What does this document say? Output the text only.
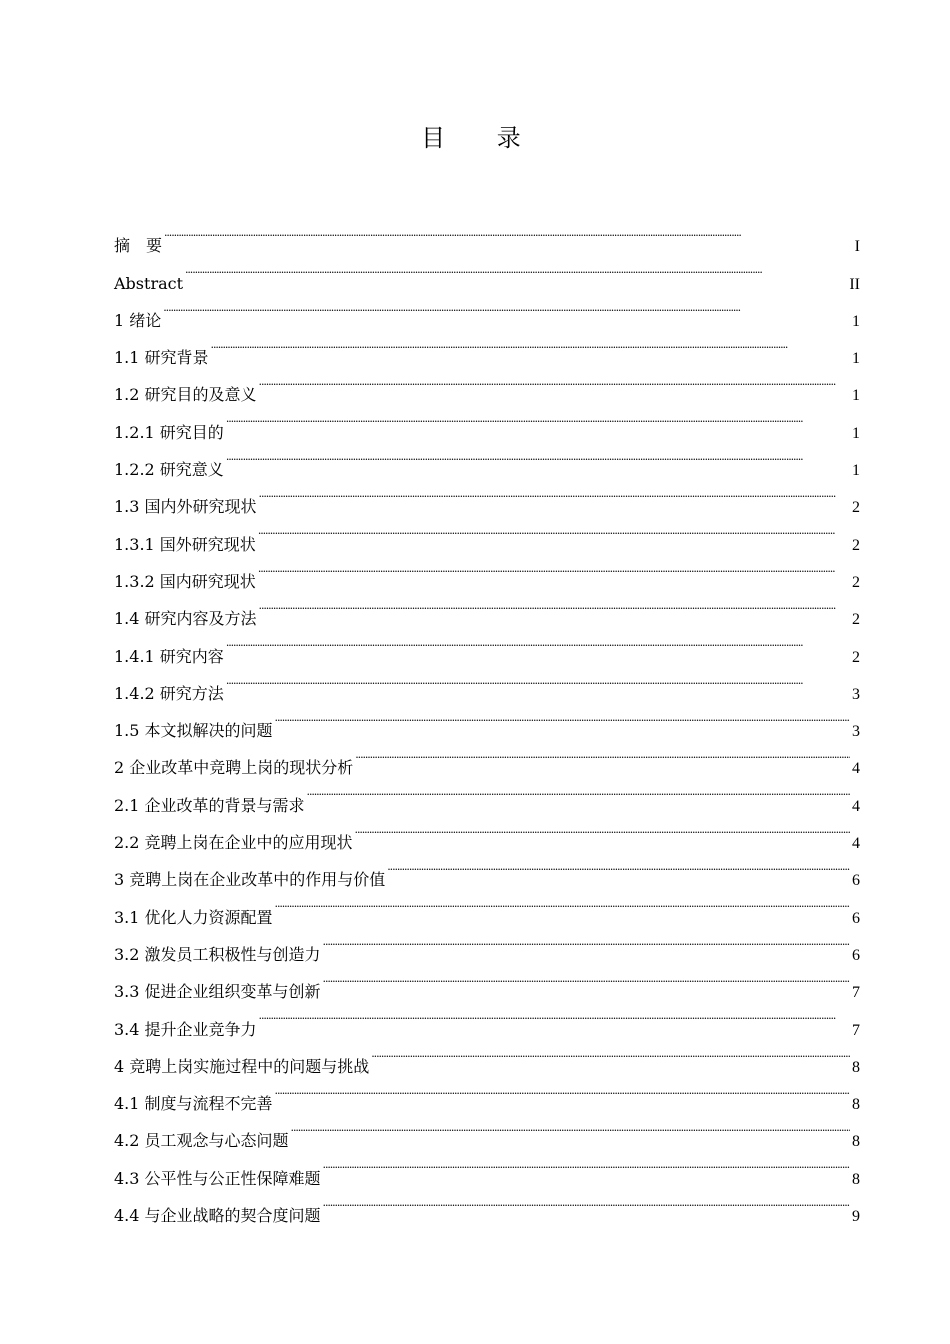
目 录
摘　要 . . .	I
Abstract . . .	II
1 绪论 . . .	1
1.1 研究背景 . . .	1
1.2 研究目的及意义 . . .	1
1.2.1 研究目的 . . .	1
1.2.2 研究意义 . . .	1
1.3 国内外研究现状 . . .	2
1.3.1 国外研究现状 . . .	2
1.3.2 国内研究现状 . . .	2
1.4 研究内容及方法 . . .	2
1.4.1 研究内容 . . .	2
1.4.2 研究方法 . . .	3
1.5 本文拟解决的问题 . . .	3
2 企业改革中竞聘上岗的现状分析 . . .	4
2.1 企业改革的背景与需求 . . .	4
2.2 竞聘上岗在企业中的应用现状 . . .	4
3 竞聘上岗在企业改革中的作用与价值 . . .	6
3.1 优化人力资源配置 . . .	6
3.2 激发员工积极性与创造力 . . .	6
3.3 促进企业组织变革与创新 . . .	7
3.4 提升企业竞争力 . . .	7
4 竞聘上岗实施过程中的问题与挑战 . . .	8
4.1 制度与流程不完善 . . .	8
4.2 员工观念与心态问题 . . .	8
4.3 公平性与公正性保障难题 . . .	8
4.4 与企业战略的契合度问题 . . .	9
